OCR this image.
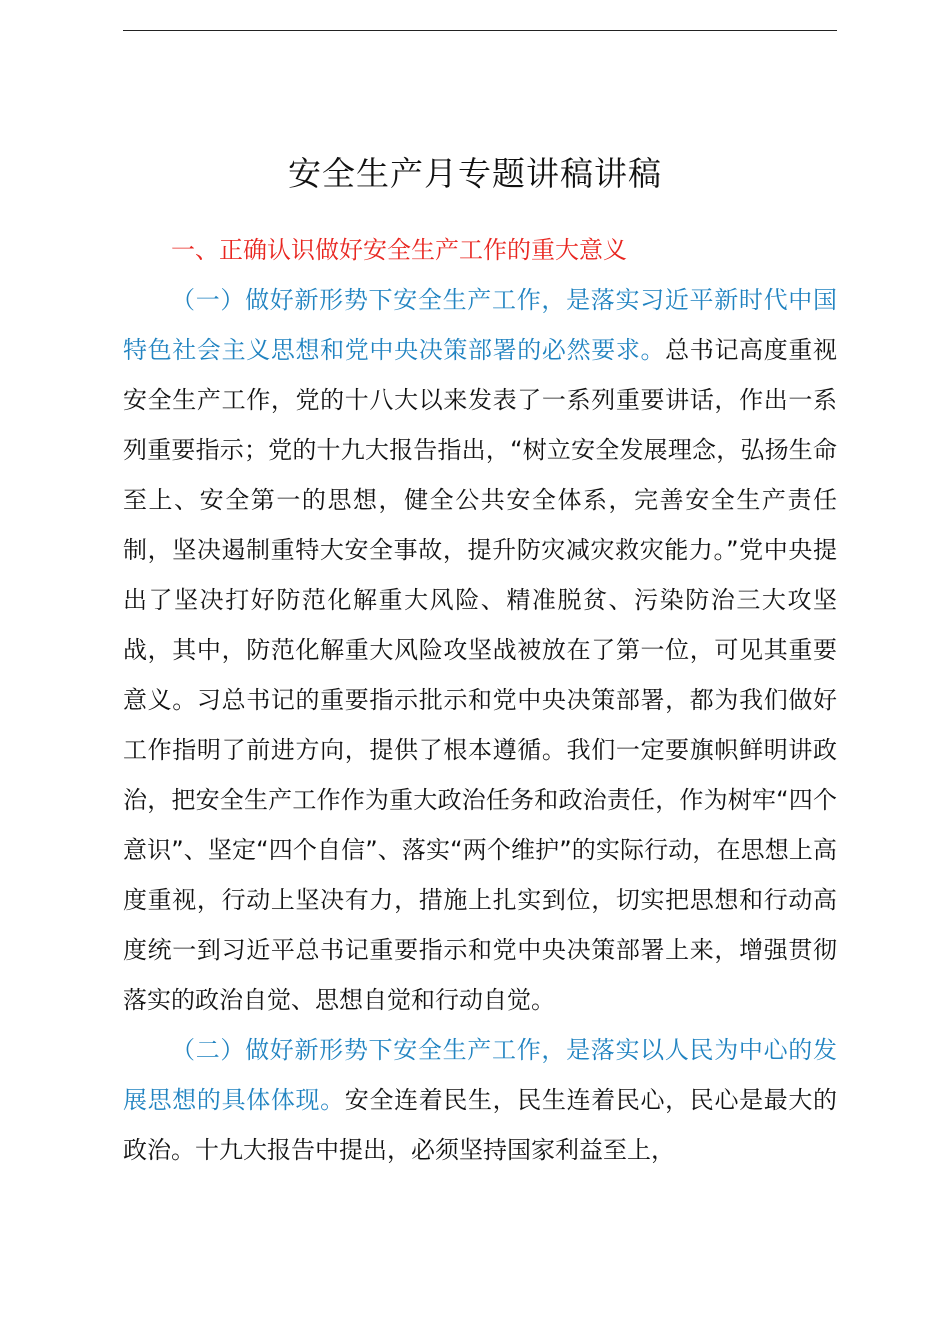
安全生产月专题讲稿讲稿

一、正确认识做好安全生产工作的重大意义

（一）做好新形势下安全生产工作，是落实习近平新时代中国特色社会主义思想和党中央决策部署的必然要求。总书记高度重视安全生产工作，党的十八大以来发表了一系列重要讲话，作出一系列重要指示；党的十九大报告指出，“树立安全发展理念，弘扬生命至上、安全第一的思想，健全公共安全体系，完善安全生产责任制，坚决遏制重特大安全事故，提升防灾减灾救灾能力。”党中央提出了坚决打好防范化解重大风险、精准脱贫、污染防治三大攻坚战，其中，防范化解重大风险攻坚战被放在了第一位，可见其重要意义。习总书记的重要指示批示和党中央决策部署，都为我们做好工作指明了前进方向，提供了根本遵循。我们一定要旗帜鲜明讲政治，把安全生产工作作为重大政治任务和政治责任，作为树牢“四个意识”、坚定“四个自信”、落实“两个维护”的实际行动，在思想上高度重视，行动上坚决有力，措施上扎实到位，切实把思想和行动高度统一到习近平总书记重要指示和党中央决策部署上来，增强贯彻落实的政治自觉、思想自觉和行动自觉。

（二）做好新形势下安全生产工作，是落实以人民为中心的发展思想的具体体现。安全连着民生，民生连着民心，民心是最大的政治。十九大报告中提出，必须坚持国家利益至上，
